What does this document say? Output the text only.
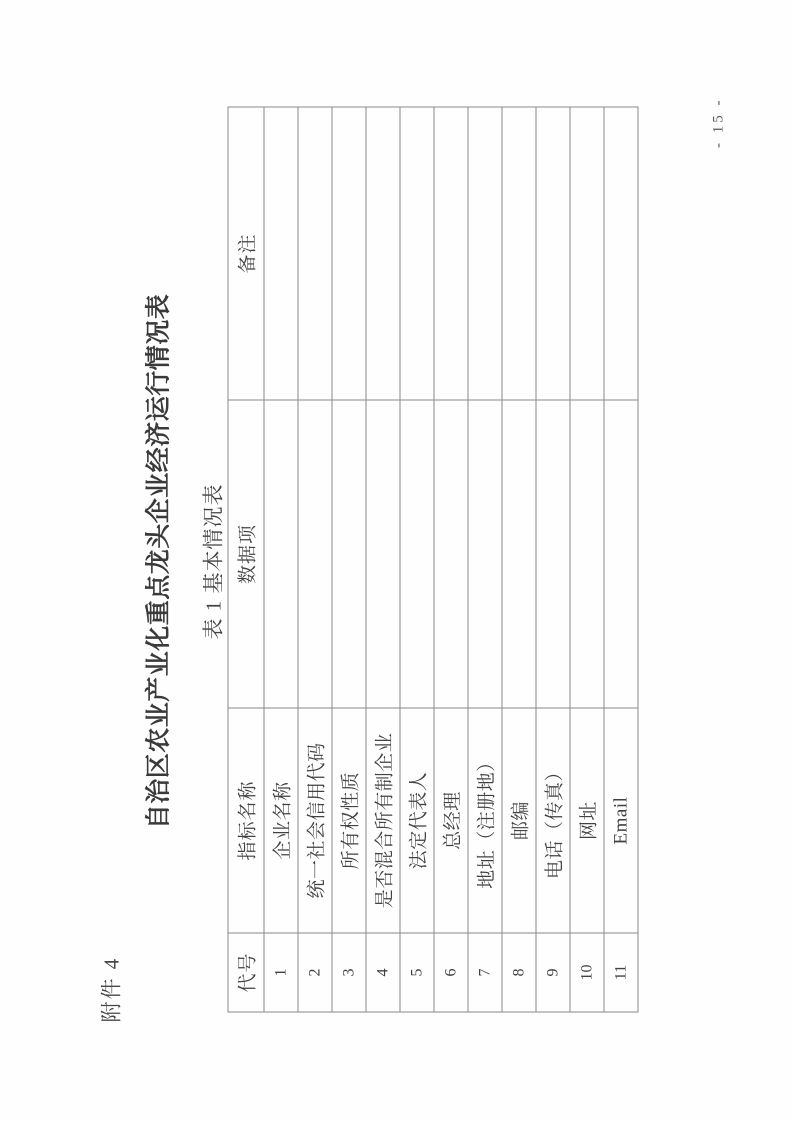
附件 4
自治区农业产业化重点龙头企业经济运行情况表 表 1 基本情况表
代号	指标名称	数据项	备注
1	企业名称		
2	统一社会信用代码		
3	所有权性质		
4	是否混合所有制企业		
5	法定代表人		
6	总经理		
7	地址（注册地）		
8	邮编		
9	电话（传真）		
10	网址		
11	Email		
- 15 -
